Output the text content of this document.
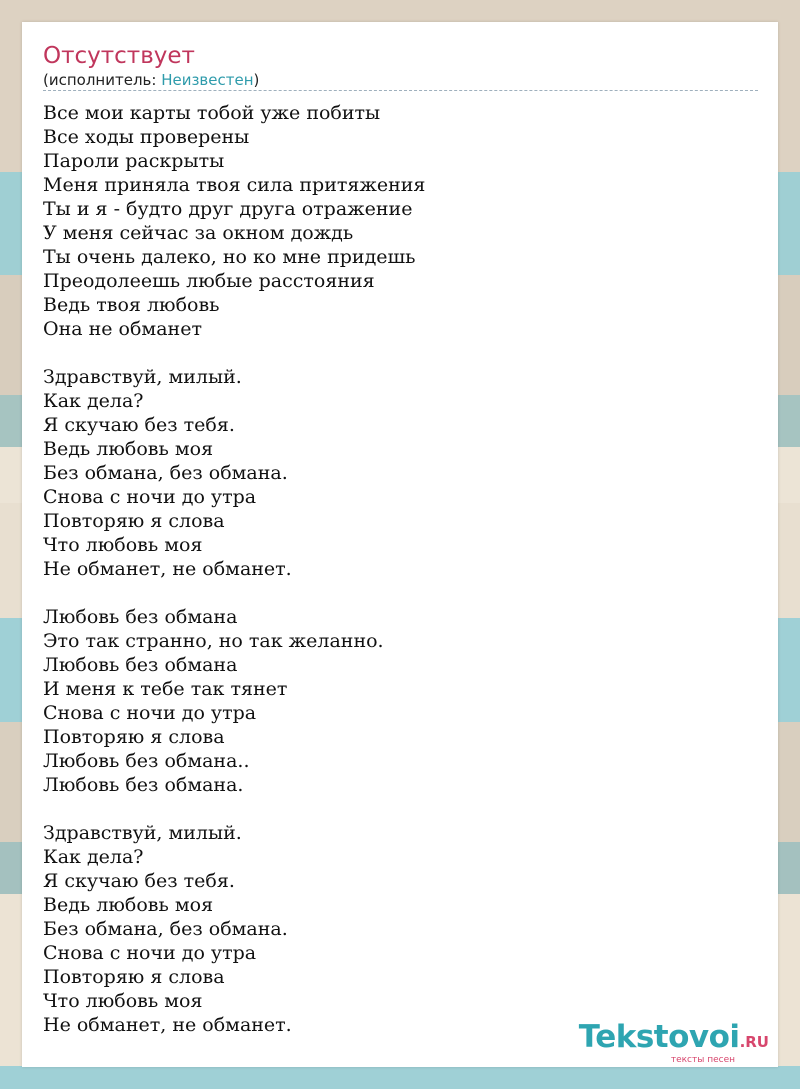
Отсутствует
(исполнитель: Неизвестен)
Все мои карты тобой уже побиты
Все ходы проверены
Пароли раскрыты
Меня приняла твоя сила притяжения
Ты и я - будто друг друга отражение
У меня сейчас за окном дождь
Ты очень далеко, но ко мне придешь
Преодолеешь любые расстояния
Ведь твоя любовь
Она не обманет
Здравствуй, милый.
Как дела?
Я скучаю без тебя.
Ведь любовь моя
Без обмана, без обмана.
Снова с ночи до утра
Повторяю я слова
Что любовь моя
Не обманет, не обманет.
Любовь без обмана
Это так странно, но так желанно.
Любовь без обмана
И меня к тебе так тянет
Снова с ночи до утра
Повторяю я слова
Любовь без обмана..
Любовь без обмана.
Здравствуй, милый.
Как дела?
Я скучаю без тебя.
Ведь любовь моя
Без обмана, без обмана.
Снова с ночи до утра
Повторяю я слова
Что любовь моя
Не обманет, не обманет.	Tekstovoi.RU
тексты песен
